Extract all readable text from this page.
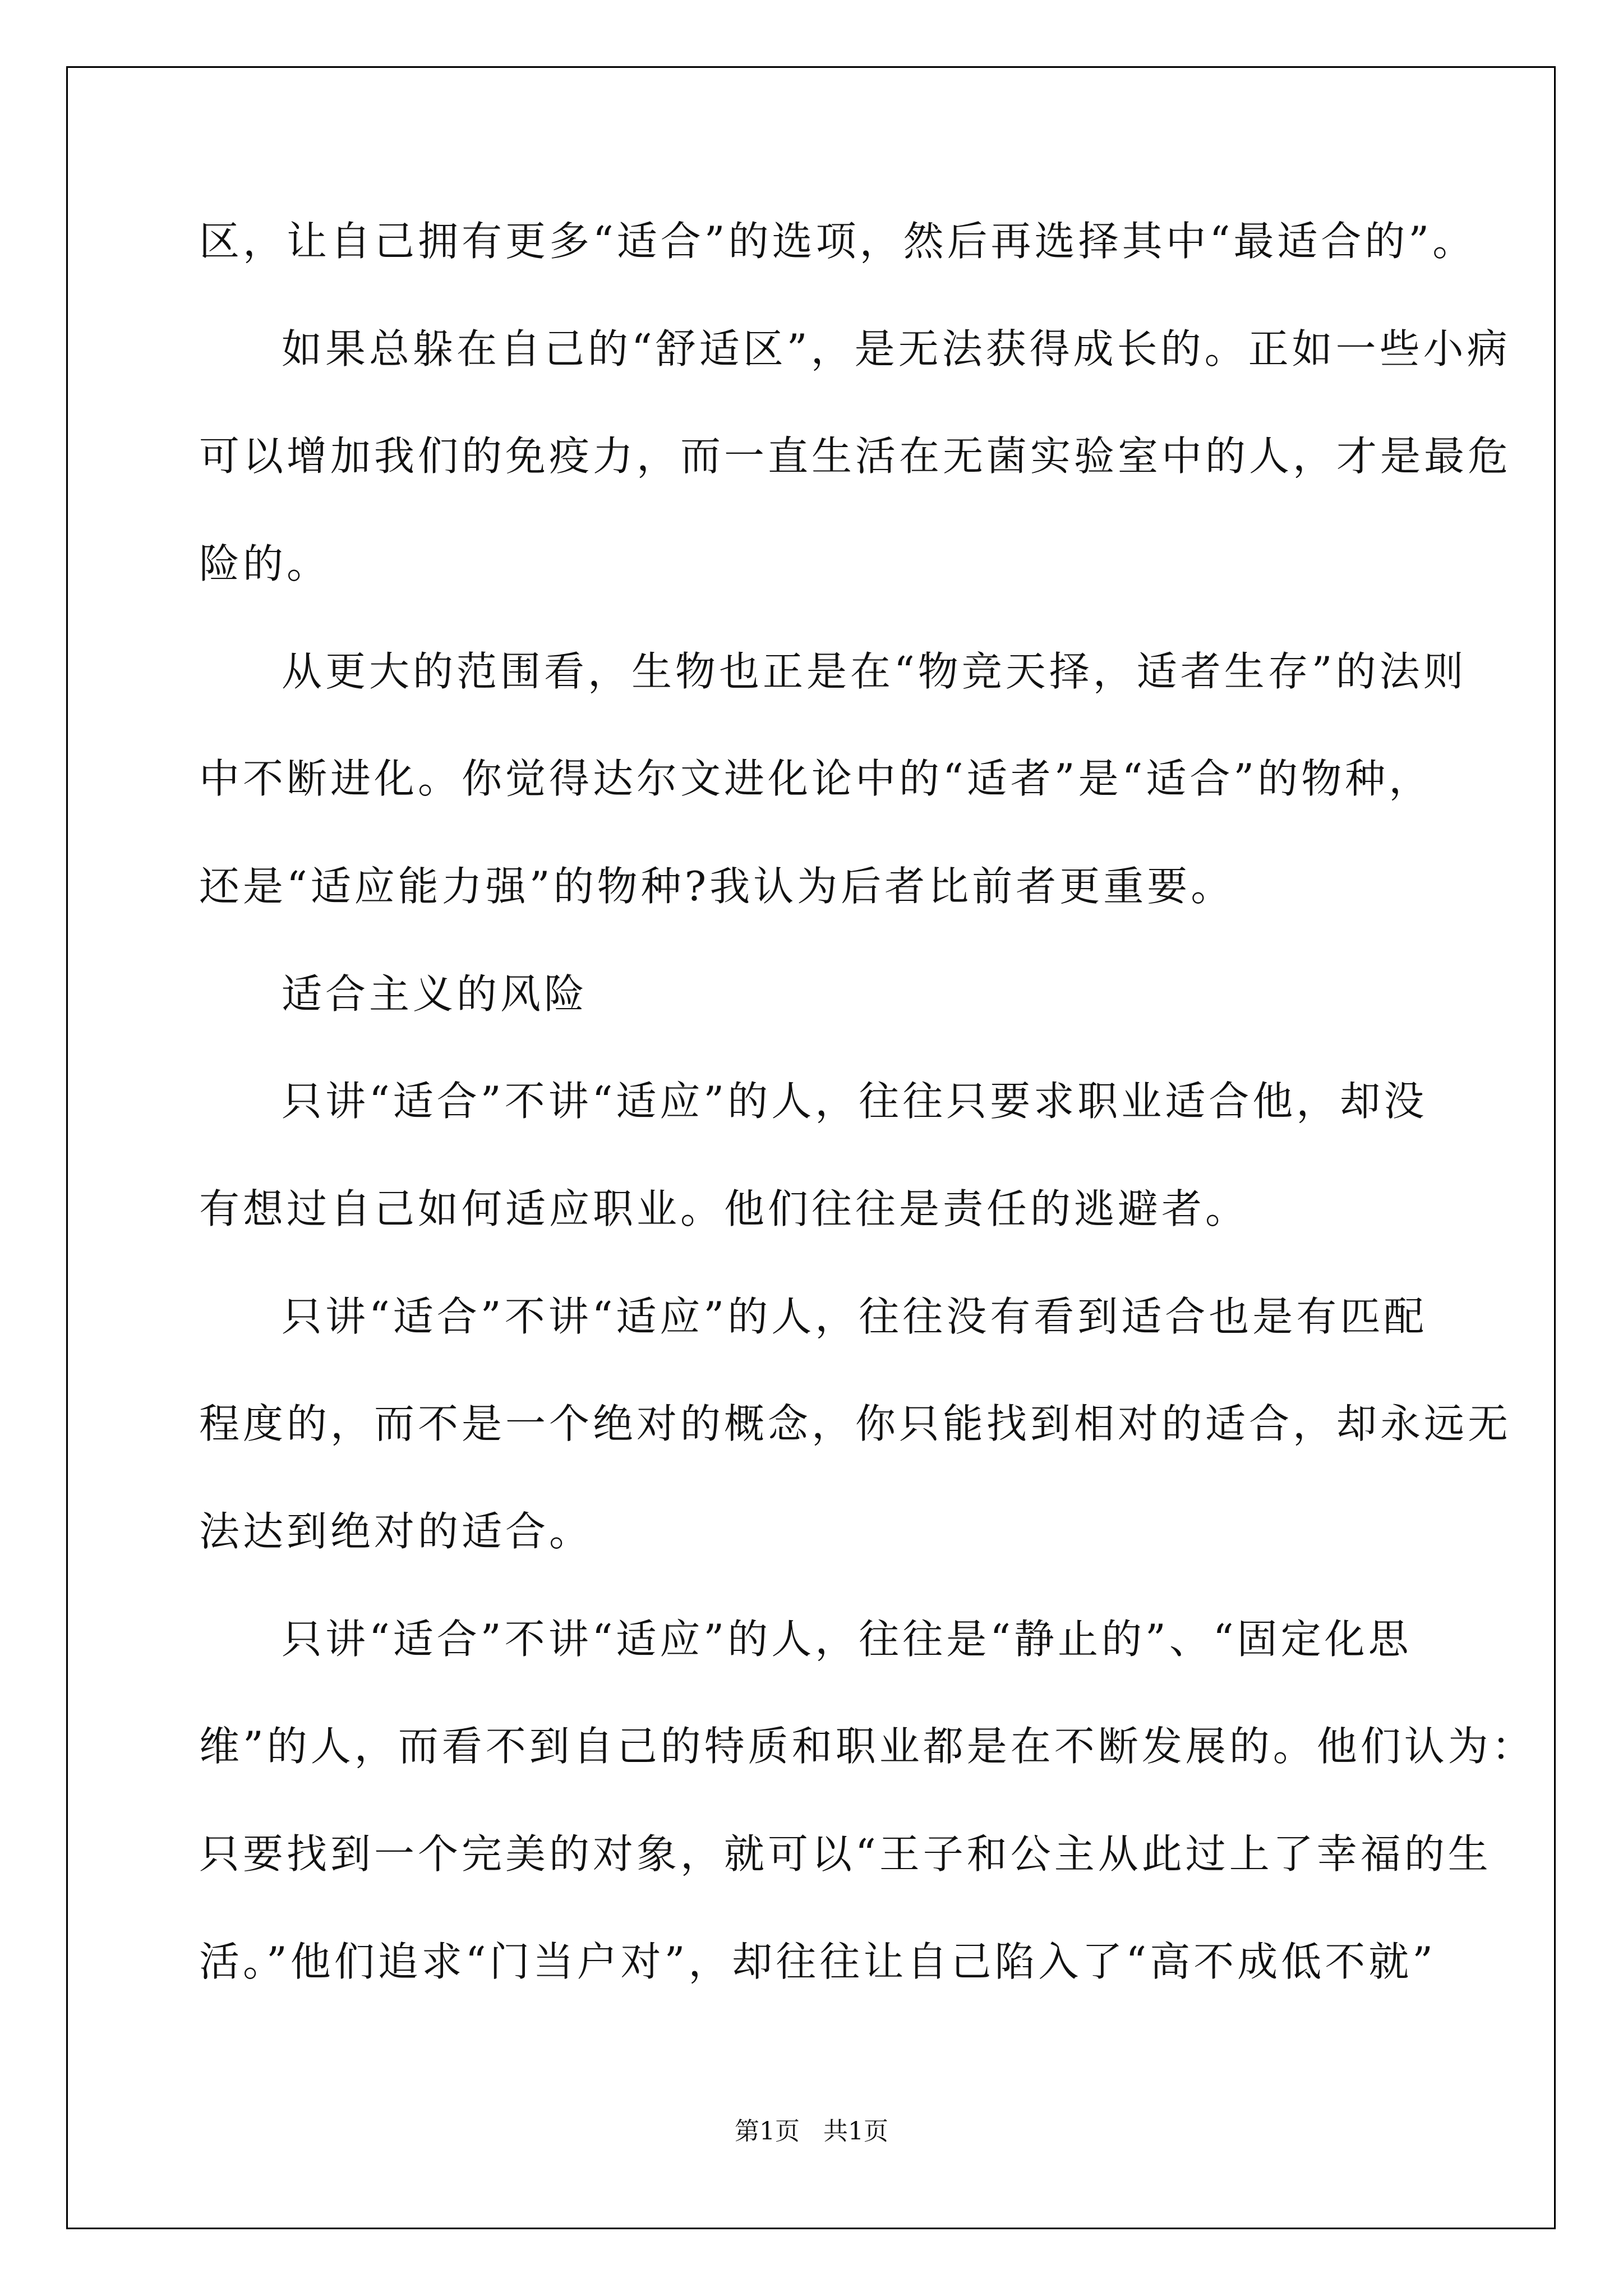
区，让自己拥有更多“适合”的选项，然后再选择其中“最适合的”。

如果总躲在自己的“舒适区”，是无法获得成长的。正如一些小病

可以增加我们的免疫力，而一直生活在无菌实验室中的人，才是最危

险的。

从更大的范围看，生物也正是在“物竞天择，适者生存”的法则

中不断进化。你觉得达尔文进化论中的“适者”是“适合”的物种，

还是“适应能力强”的物种?我认为后者比前者更重要。

适合主义的风险

只讲“适合”不讲“适应”的人，往往只要求职业适合他，却没

有想过自己如何适应职业。他们往往是责任的逃避者。

只讲“适合”不讲“适应”的人，往往没有看到适合也是有匹配

程度的，而不是一个绝对的概念，你只能找到相对的适合，却永远无

法达到绝对的适合。

只讲“适合”不讲“适应”的人，往往是“静止的”、“固定化思

维”的人，而看不到自己的特质和职业都是在不断发展的。他们认为：

只要找到一个完美的对象，就可以“王子和公主从此过上了幸福的生

活。”他们追求“门当户对”，却往往让自己陷入了“高不成低不就”

第1页 共1页
